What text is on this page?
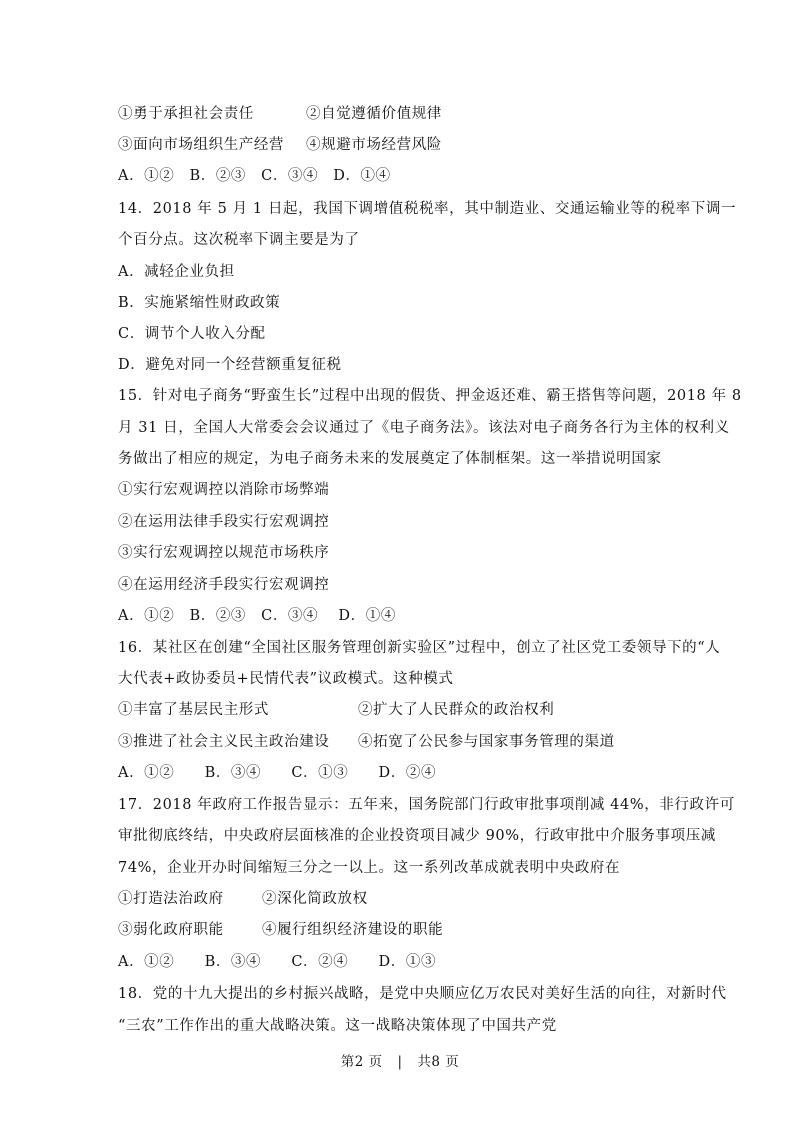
①勇于承担社会责任	②自觉遵循价值规律
③面向市场组织生产经营 ④规避市场经营风险
A．①②　B．②③　C．③④　D．①④
14．2018 年 5 月 1 日起，我国下调增值税税率，其中制造业、交通运输业等的税率下调一
个百分点。这次税率下调主要是为了
A．减轻企业负担
B．实施紧缩性财政政策
C．调节个人收入分配
D．避免对同一个经营额重复征税
15．针对电子商务“野蛮生长”过程中出现的假货、押金返还难、霸王搭售等问题，2018 年 8
月 31 日，全国人大常委会会议通过了《电子商务法》。该法对电子商务各行为主体的权利义
务做出了相应的规定，为电子商务未来的发展奠定了体制框架。这一举措说明国家
①实行宏观调控以消除市场弊端
②在运用法律手段实行宏观调控
③实行宏观调控以规范市场秩序
④在运用经济手段实行宏观调控
A．①②　B．②③　C．③④　 D．①④
16．某社区在创建“全国社区服务管理创新实验区”过程中，创立了社区党工委领导下的“人
大代表+政协委员+民情代表”议政模式。这种模式
①丰富了基层民主形式	②扩大了人民群众的政治权利
③推进了社会主义民主政治建设 ④拓宽了公民参与国家事务管理的渠道
A．①②　　B．③④　　C．①③　　D．②④
17．2018 年政府工作报告显示：五年来，国务院部门行政审批事项削减 44%，非行政许可
审批彻底终结，中央政府层面核准的企业投资项目减少 90%，行政审批中介服务事项压减
74%，企业开办时间缩短三分之一以上。这一系列改革成就表明中央政府在
①打造法治政府	②深化简政放权
③弱化政府职能	④履行组织经济建设的职能
A．①②　　B．③④　　C．②④　　D．①③
18．党的十九大提出的乡村振兴战略，是党中央顺应亿万农民对美好生活的向往，对新时代
“三农”工作作出的重大战略决策。这一战略决策体现了中国共产党
第2 页 | 共8 页
